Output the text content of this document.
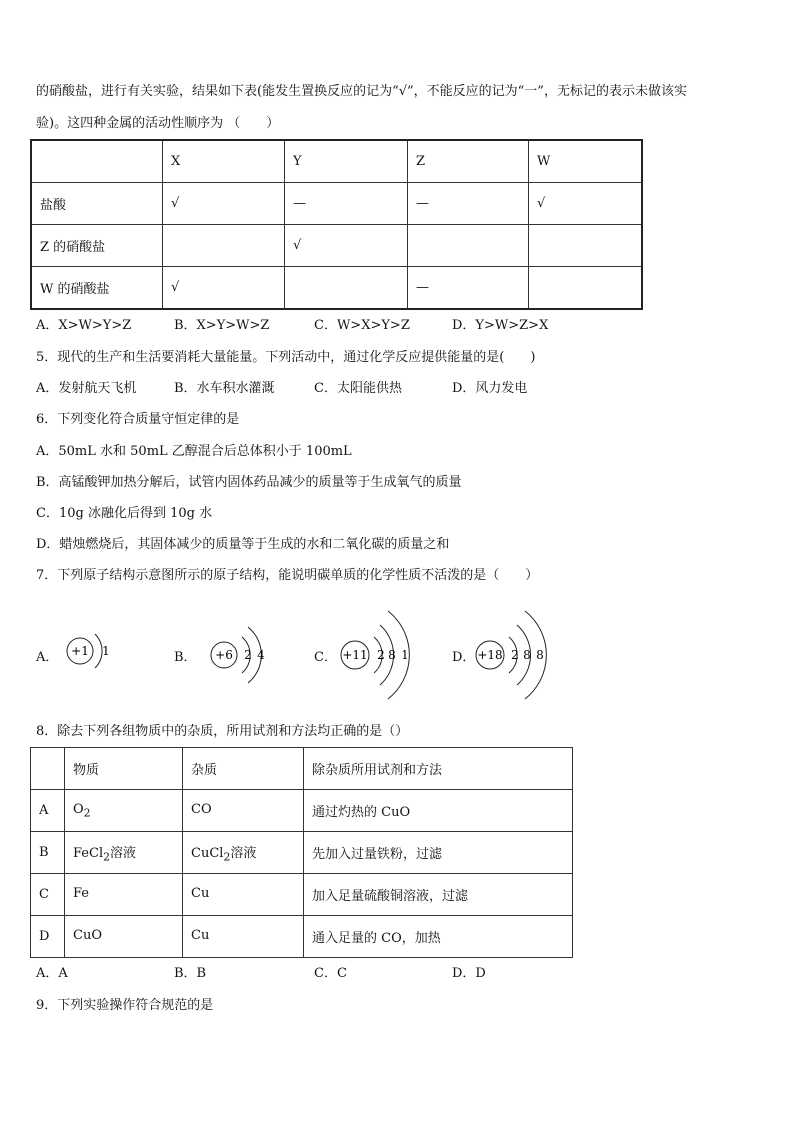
的硝酸盐，进行有关实验，结果如下表(能发生置换反应的记为“√”，不能反应的记为“一”，无标记的表示未做该实
验)。这四种金属的活动性顺序为 （　　）
	X	Y	Z	W
盐酸	√	—	—	√
Z 的硝酸盐		√		
W 的硝酸盐	√		—	
A．X>W>Y>Z	B．X>Y>W>Z	C．W>X>Y>Z	D．Y>W>Z>X
5．现代的生产和生活要消耗大量能量。下列活动中，通过化学反应提供能量的是(　　)
A．发射航天飞机	B．水车积水灌溉	C．太阳能供热	D．风力发电
6．下列变化符合质量守恒定律的是
A．50mL 水和 50mL 乙醇混合后总体积小于 100mL
B．高锰酸钾加热分解后，试管内固体药品减少的质量等于生成氧气的质量
C．10g 冰融化后得到 10g 水
D．蜡烛燃烧后，其固体减少的质量等于生成的水和二氧化碳的质量之和
7．下列原子结构示意图所示的原子结构，能说明碳单质的化学性质不活泼的是（　　）
A． +1 1	B． +6 2 4	C． +11 2 8 1	D． +18 2 8 8
8．除去下列各组物质中的杂质，所用试剂和方法均正确的是（）
	物质	杂质	除杂质所用试剂和方法
A	$O_2$	CO	通过灼热的 CuO
B	FeCl$_2$溶液	CuCl$_2$溶液	先加入过量铁粉，过滤
C	Fe	Cu	加入足量硫酸铜溶液，过滤
D	CuO	Cu	通入足量的 CO，加热
A．A	B．B	C．C	D．D
9．下列实验操作符合规范的是
